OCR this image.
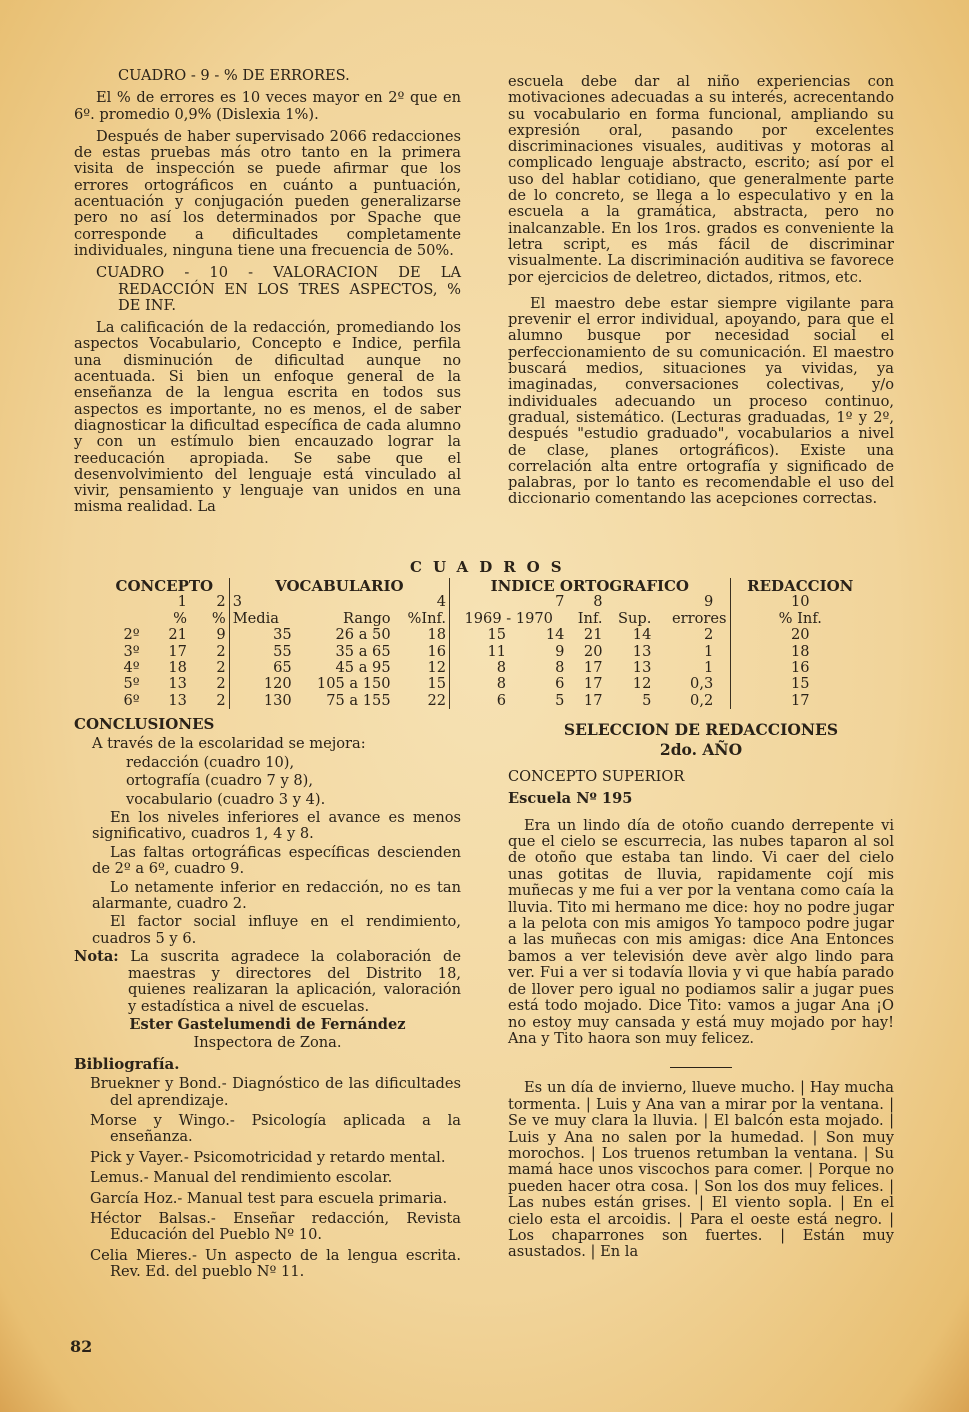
CUADRO - 9 - % DE ERRORES.

El % de errores es 10 veces mayor en 2º que en 6º. promedio 0,9% (Dislexia 1%).

Después de haber supervisado 2066 redacciones de estas pruebas más otro tanto en la primera visita de inspección se puede afirmar que los errores ortográficos en cuánto a puntuación, acentuación y conjugación pueden generalizarse pero no así los determinados por Spache que corresponde a dificultades completamente individuales, ninguna tiene una frecuencia de 50%.

CUADRO - 10 - VALORACION DE LA REDACCIÓN EN LOS TRES ASPECTOS, % DE INF.

La calificación de la redacción, promediando los aspectos Vocabulario, Concepto e Indice, perfila una disminución de dificultad aunque no acentuada. Si bien un enfoque general de la enseñanza de la lengua escrita en todos sus aspectos es importante, no es menos, el de saber diagnosticar la dificultad específica de cada alumno y con un estímulo bien encauzado lograr la reeducación apropiada. Se sabe que el desenvolvimiento del lenguaje está vinculado al vivir, pensamiento y lenguaje van unidos en una misma realidad. La

escuela debe dar al niño experiencias con motivaciones adecuadas a su interés, acrecentando su vocabulario en forma funcional, ampliando su expresión oral, pasando por excelentes discriminaciones visuales, auditivas y motoras al complicado lenguaje abstracto, escrito; así por el uso del hablar cotidiano, que generalmente parte de lo concreto, se llega a lo especulativo y en la escuela a la gramática, abstracta, pero no inalcanzable. En los 1ros. grados es conveniente la letra script, es más fácil de discriminar visualmente. La discriminación auditiva se favorece por ejercicios de deletreo, dictados, ritmos, etc.

El maestro debe estar siempre vigilante para prevenir el error individual, apoyando, para que el alumno busque por necesidad social el perfeccionamiento de su comunicación. El maestro buscará medios, situaciones ya vividas, ya imaginadas, conversaciones colectivas, y/o individuales adecuando un proceso continuo, gradual, sistemático. (Lecturas graduadas, 1º y 2º, después "estudio graduado", vocabularios a nivel de clase, planes ortográficos). Existe una correlación alta entre ortografía y significado de palabras, por lo tanto es recomendable el uso del diccionario comentando las acepciones correctas.

CUADROS
CONCEPTO			VOCABULARIO			INDICE ORTOGRAFICO						REDACCION
	1	2	3		4		7	8		9		10
	%	%	Media	Rango	%Inf.	1969 - 1970		Inf.	Sup.	errores		% Inf.
2º	21	9	35	26 a 50	18	15	14	21	14	2		20
3º	17	2	55	35 a 65	16	11	9	20	13	1		18
4º	18	2	65	45 a 95	12	8	8	17	13	1		16
5º	13	2	120	105 a 150	15	8	6	17	12	0,3		15
6º	13	2	130	75 a 155	22	6	5	17	5	0,2		17
CONCLUSIONES

A través de la escolaridad se mejora:

redacción (cuadro 10),

ortografía (cuadro 7 y 8),

vocabulario (cuadro 3 y 4).

En los niveles inferiores el avance es menos significativo, cuadros 1, 4 y 8.

Las faltas ortográficas específicas descienden de 2º a 6º, cuadro 9.

Lo netamente inferior en redacción, no es tan alarmante, cuadro 2.

El factor social influye en el rendimiento, cuadros 5 y 6.

Nota: La suscrita agradece la colaboración de maestras y directores del Distrito 18, quienes realizaran la aplicación, valoración y estadística a nivel de escuelas.

Ester Gastelumendi de Fernández

Inspectora de Zona.

Bibliografía.

Bruekner y Bond.- Diagnóstico de las dificultades del aprendizaje.

Morse y Wingo.- Psicología aplicada a la enseñanza.

Pick y Vayer.- Psicomotricidad y retardo mental.

Lemus.- Manual del rendimiento escolar.

García Hoz.- Manual test para escuela primaria.

Héctor Balsas.- Enseñar redacción, Revista Educación del Pueblo Nº 10.

Celia Mieres.- Un aspecto de la lengua escrita. Rev. Ed. del pueblo Nº 11.

SELECCION DE REDACCIONES

2do. AÑO

CONCEPTO SUPERIOR

Escuela Nº 195

Era un lindo día de otoño cuando derrepente vi que el cielo se escurrecia, las nubes taparon al sol de otoño que estaba tan lindo. Vi caer del cielo unas gotitas de lluvia, rapidamente cojí mis muñecas y me fui a ver por la ventana como caía la lluvia. Tito mi hermano me dice: hoy no podre jugar a la pelota con mis amigos Yo tampoco podre jugar a las muñecas con mis amigas: dice Ana Entonces bamos a ver televisión deve avèr algo lindo para ver. Fui a ver si todavía llovia y vi que había parado de llover pero igual no podiamos salir a jugar pues está todo mojado. Dice Tito: vamos a jugar Ana ¡O no estoy muy cansada y está muy mojado por hay! Ana y Tito haora son muy felicez.

Es un día de invierno, llueve mucho. | Hay mucha tormenta. | Luis y Ana van a mirar por la ventana. | Se ve muy clara la lluvia. | El balcón esta mojado. | Luis y Ana no salen por la humedad. | Son muy morochos. | Los truenos retumban la ventana. | Su mamá hace unos viscochos para comer. | Porque no pueden hacer otra cosa. | Son los dos muy felices. | Las nubes están grises. | El viento sopla. | En el cielo esta el arcoidis. | Para el oeste está negro. | Los chaparrones son fuertes. | Están muy asustados. | En la

82
